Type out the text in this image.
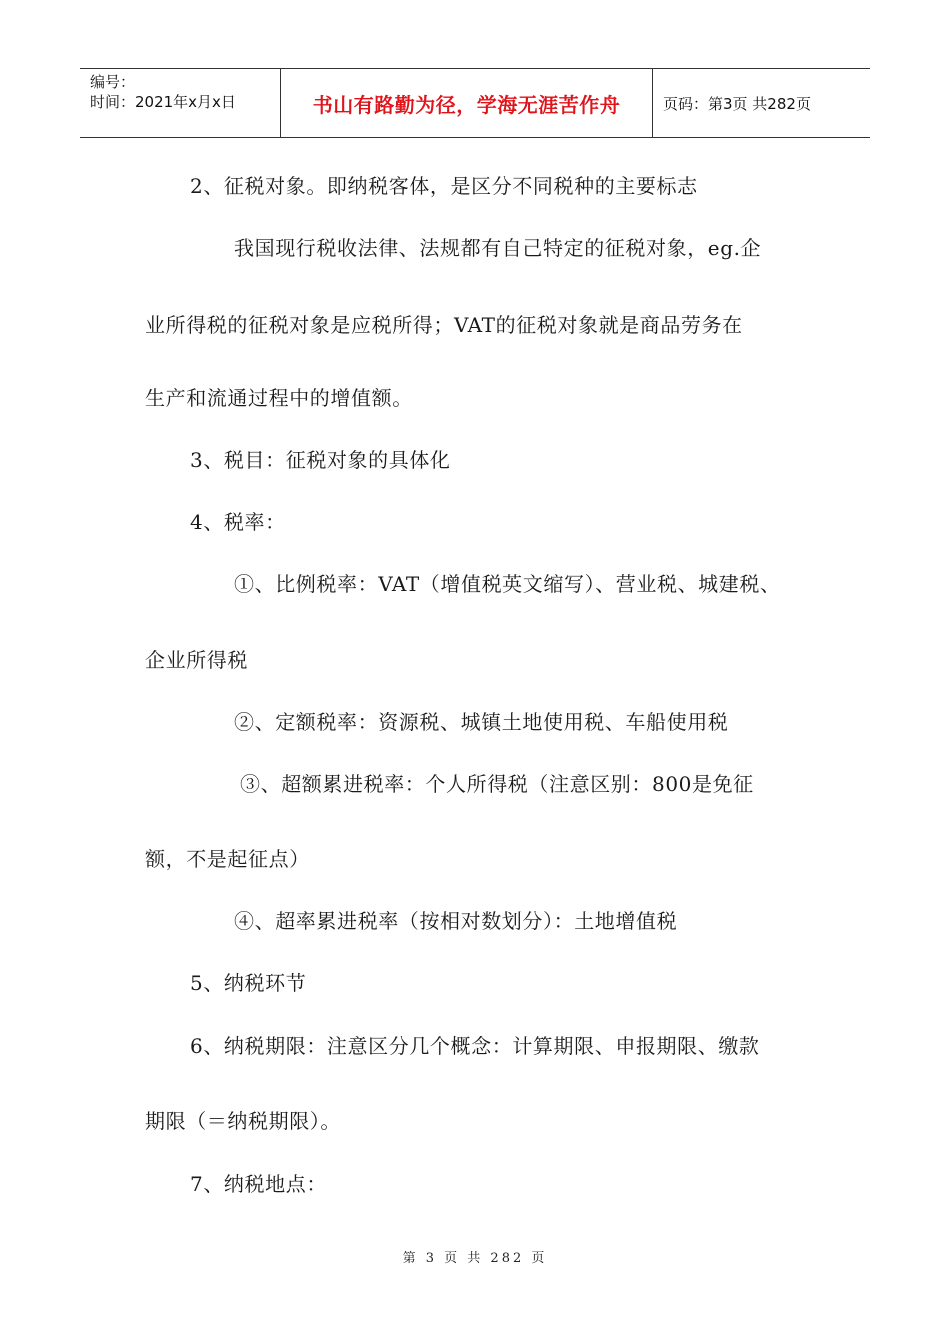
编号：
时间：2021年x月x日	书山有路勤为径，学海无涯苦作舟	页码：第3页 共282页
2、征税对象。即纳税客体，是区分不同税种的主要标志
我国现行税收法律、法规都有自己特定的征税对象，eg.企
业所得税的征税对象是应税所得；VAT的征税对象就是商品劳务在
生产和流通过程中的增值额。
3、税目：征税对象的具体化
4、税率：
①、比例税率：VAT（增值税英文缩写）、营业税、城建税、
企业所得税
②、定额税率：资源税、城镇土地使用税、车船使用税
③、超额累进税率：个人所得税（注意区别：800是免征
额，不是起征点）
④、超率累进税率（按相对数划分）：土地增值税
5、纳税环节
6、纳税期限：注意区分几个概念：计算期限、申报期限、缴款
期限（＝纳税期限）。
7、纳税地点：
第 3 页 共 282 页
